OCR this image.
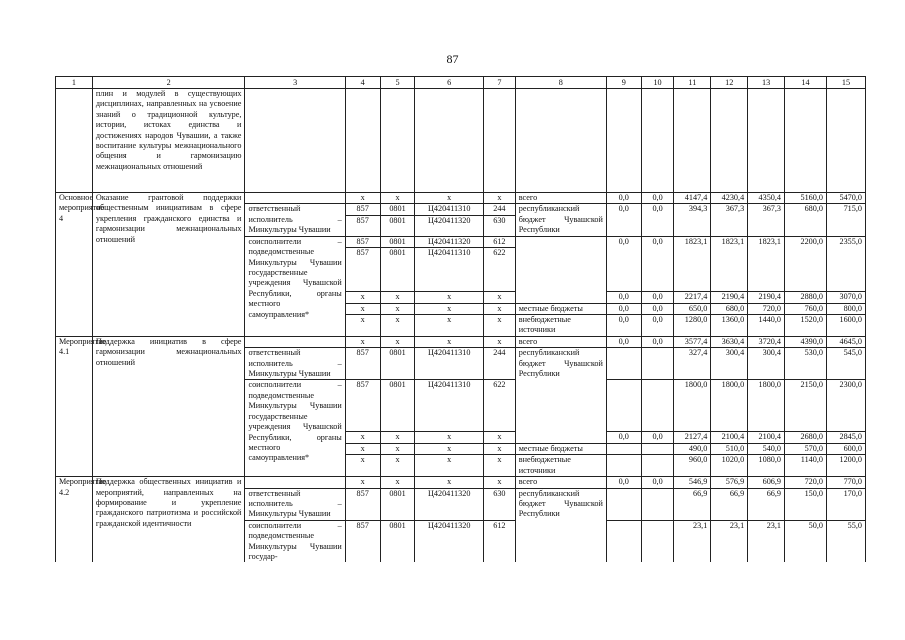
87
1	2	3	4	5	6	7	8	9	10	11	12	13	14	15
	плин и модулей в существующих дисциплинах, направленных на усвоение знаний о традиционной культуре, истории, истоках единства и достижениях народов Чувашии, а также воспитание культуры межнационального общения и гармонизацию межнациональных отношений													
Основное мероприятие 4	Оказание грантовой поддержки общественным инициативам в сфере укрепления гражданского единства и гармонизации межнациональных отношений		х	х	х	х	всего	0,0	0,0	4147,4	4230,4	4350,4	5160,0	5470,0
		ответственный исполнитель – Минкультуры Чувашии	857	0801	Ц420411310	244	республиканский бюджет Чувашской Республики	0,0	0,0	394,3	367,3	367,3	680,0	715,0
			857	0801	Ц420411320	630								
		соисполнители – подведомственные Минкультуры Чувашии государственные учреждения Чувашской Республики, органы местного самоуправления*	857	0801	Ц420411320	612		0,0	0,0	1823,1	1823,1	1823,1	2200,0	2355,0
			857	0801	Ц420411310	622								
			х	х	х	х		0,0	0,0	2217,4	2190,4	2190,4	2880,0	3070,0
			х	х	х	х	местные бюджеты	0,0	0,0	650,0	680,0	720,0	760,0	800,0
			х	х	х	х	внебюджетные источники	0,0	0,0	1280,0	1360,0	1440,0	1520,0	1600,0
Мероприятие 4.1	Поддержка инициатив в сфере гармонизации межнациональных отношений		х	х	х	х	всего	0,0	0,0	3577,4	3630,4	3720,4	4390,0	4645,0
		ответственный исполнитель – Минкультуры Чувашии	857	0801	Ц420411310	244	республиканский бюджет Чувашской Республики			327,4	300,4	300,4	530,0	545,0
		соисполнители – подведомственные Минкультуры Чувашии государственные учреждения Чувашской Республики, органы местного самоуправления*	857	0801	Ц420411310	622				1800,0	1800,0	1800,0	2150,0	2300,0
			х	х	х	х		0,0	0,0	2127,4	2100,4	2100,4	2680,0	2845,0
			х	х	х	х	местные бюджеты			490,0	510,0	540,0	570,0	600,0
			х	х	х	х	внебюджетные источники			960,0	1020,0	1080,0	1140,0	1200,0
Мероприятие 4.2	Поддержка общественных инициатив и мероприятий, направленных на формирование и укрепление гражданского патриотизма и российской гражданской идентичности		х	х	х	х	всего	0,0	0,0	546,9	576,9	606,9	720,0	770,0
		ответственный исполнитель – Минкультуры Чувашии	857	0801	Ц420411320	630	республиканский бюджет Чувашской Республики			66,9	66,9	66,9	150,0	170,0
		соисполнители – подведомственные Минкультуры Чувашии государ-	857	0801	Ц420411320	612				23,1	23,1	23,1	50,0	55,0
